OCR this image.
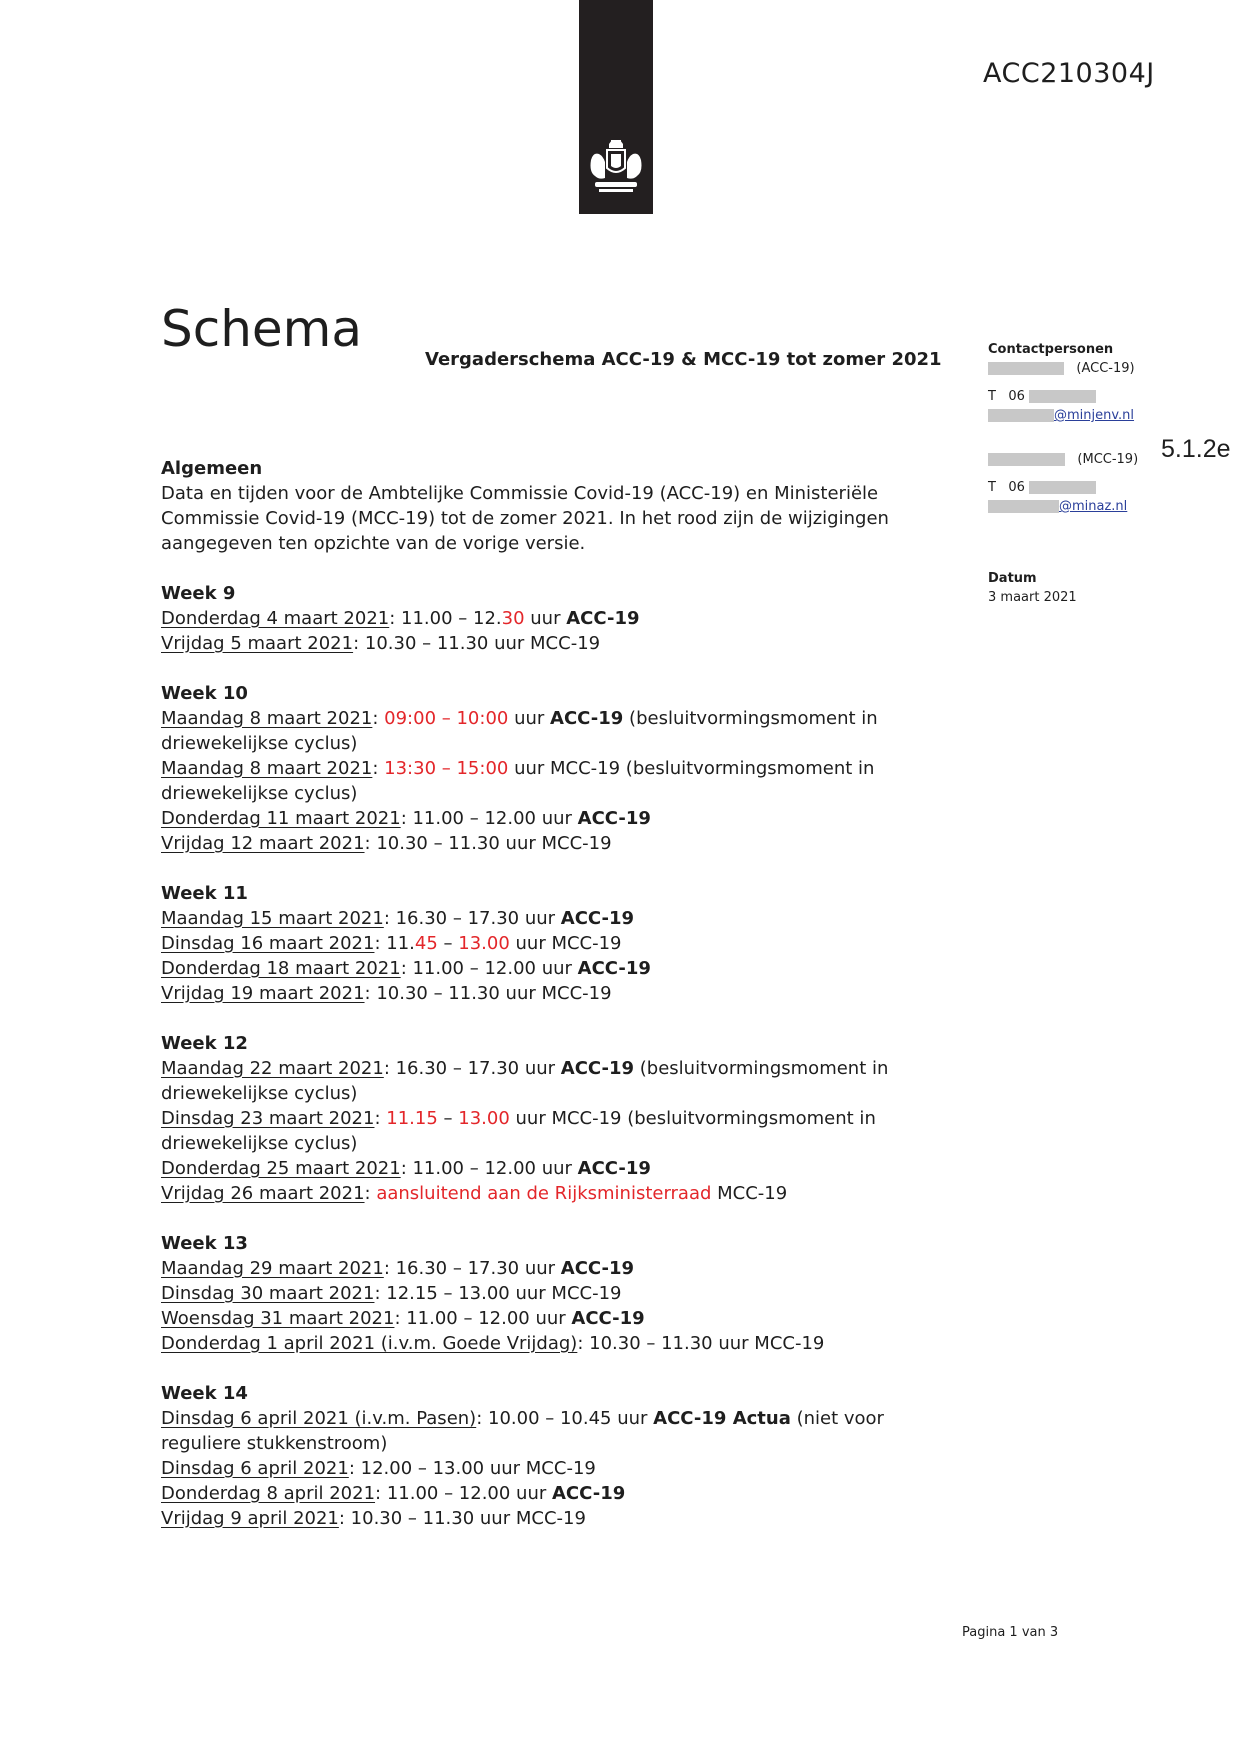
ACC210304J
5.1.2e
Schema
Vergaderschema ACC-19 & MCC-19 tot zomer 2021	Contactpersonen
(ACC-19)
T 06
@minjenv.nl
(MCC-19)
T 06
@minaz.nl
Datum
3 maart 2021
Algemeen

Data en tijden voor de Ambtelijke Commissie Covid-19 (ACC-19) en Ministeriële Commissie Covid-19 (MCC-19) tot de zomer 2021. In het rood zijn de wijzigingen aangegeven ten opzichte van de vorige versie.

Week 9

Donderdag 4 maart 2021: 11.00 – 12.30 uur ACC-19

Vrijdag 5 maart 2021: 10.30 – 11.30 uur MCC-19

Week 10

Maandag 8 maart 2021: 09:00 – 10:00 uur ACC-19 (besluitvormingsmoment in driewekelijkse cyclus)

Maandag 8 maart 2021: 13:30 – 15:00 uur MCC-19 (besluitvormingsmoment in driewekelijkse cyclus)

Donderdag 11 maart 2021: 11.00 – 12.00 uur ACC-19

Vrijdag 12 maart 2021: 10.30 – 11.30 uur MCC-19

Week 11

Maandag 15 maart 2021: 16.30 – 17.30 uur ACC-19

Dinsdag 16 maart 2021: 11.45 – 13.00 uur MCC-19

Donderdag 18 maart 2021: 11.00 – 12.00 uur ACC-19

Vrijdag 19 maart 2021: 10.30 – 11.30 uur MCC-19

Week 12

Maandag 22 maart 2021: 16.30 – 17.30 uur ACC-19 (besluitvormingsmoment in driewekelijkse cyclus)

Dinsdag 23 maart 2021: 11.15 – 13.00 uur MCC-19 (besluitvormingsmoment in driewekelijkse cyclus)

Donderdag 25 maart 2021: 11.00 – 12.00 uur ACC-19

Vrijdag 26 maart 2021: aansluitend aan de Rijksministerraad MCC-19

Week 13

Maandag 29 maart 2021: 16.30 – 17.30 uur ACC-19

Dinsdag 30 maart 2021: 12.15 – 13.00 uur MCC-19

Woensdag 31 maart 2021: 11.00 – 12.00 uur ACC-19

Donderdag 1 april 2021 (i.v.m. Goede Vrijdag): 10.30 – 11.30 uur MCC-19

Week 14

Dinsdag 6 april 2021 (i.v.m. Pasen): 10.00 – 10.45 uur ACC-19 Actua (niet voor reguliere stukkenstroom)

Dinsdag 6 april 2021: 12.00 – 13.00 uur MCC-19

Donderdag 8 april 2021: 11.00 – 12.00 uur ACC-19

Vrijdag 9 april 2021: 10.30 – 11.30 uur MCC-19

Pagina 1 van 3
